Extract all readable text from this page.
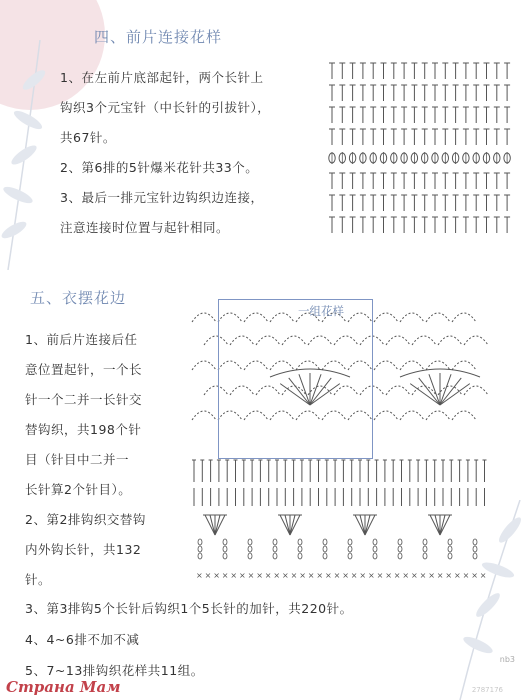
四、前片连接花样

1、在左前片底部起针，两个长针上

钩织3个元宝针（中长针的引拔针），

共67针。

2、第6排的5针爆米花针共33个。

3、最后一排元宝针边钩织边连接，

注意连接时位置与起针相同。

五、衣摆花边

1、前后片连接后任

意位置起针，一个长

针一个二并一长针交

替钩织，共198个针

目（针目中二并一

长针算2个针目）。

2、第2排钩织交替钩

内外钩长针，共132

针。	× × × × × × × × × × × × × × × × × × × × × × × × × × × × × × × × × ×
一组花样

3、第3排钩5个长针后钩织1个5长针的加针，共220针。

4、4~6排不加不减

5、7~13排钩织花样共11组。

Страна Мам
nb3
2787176
